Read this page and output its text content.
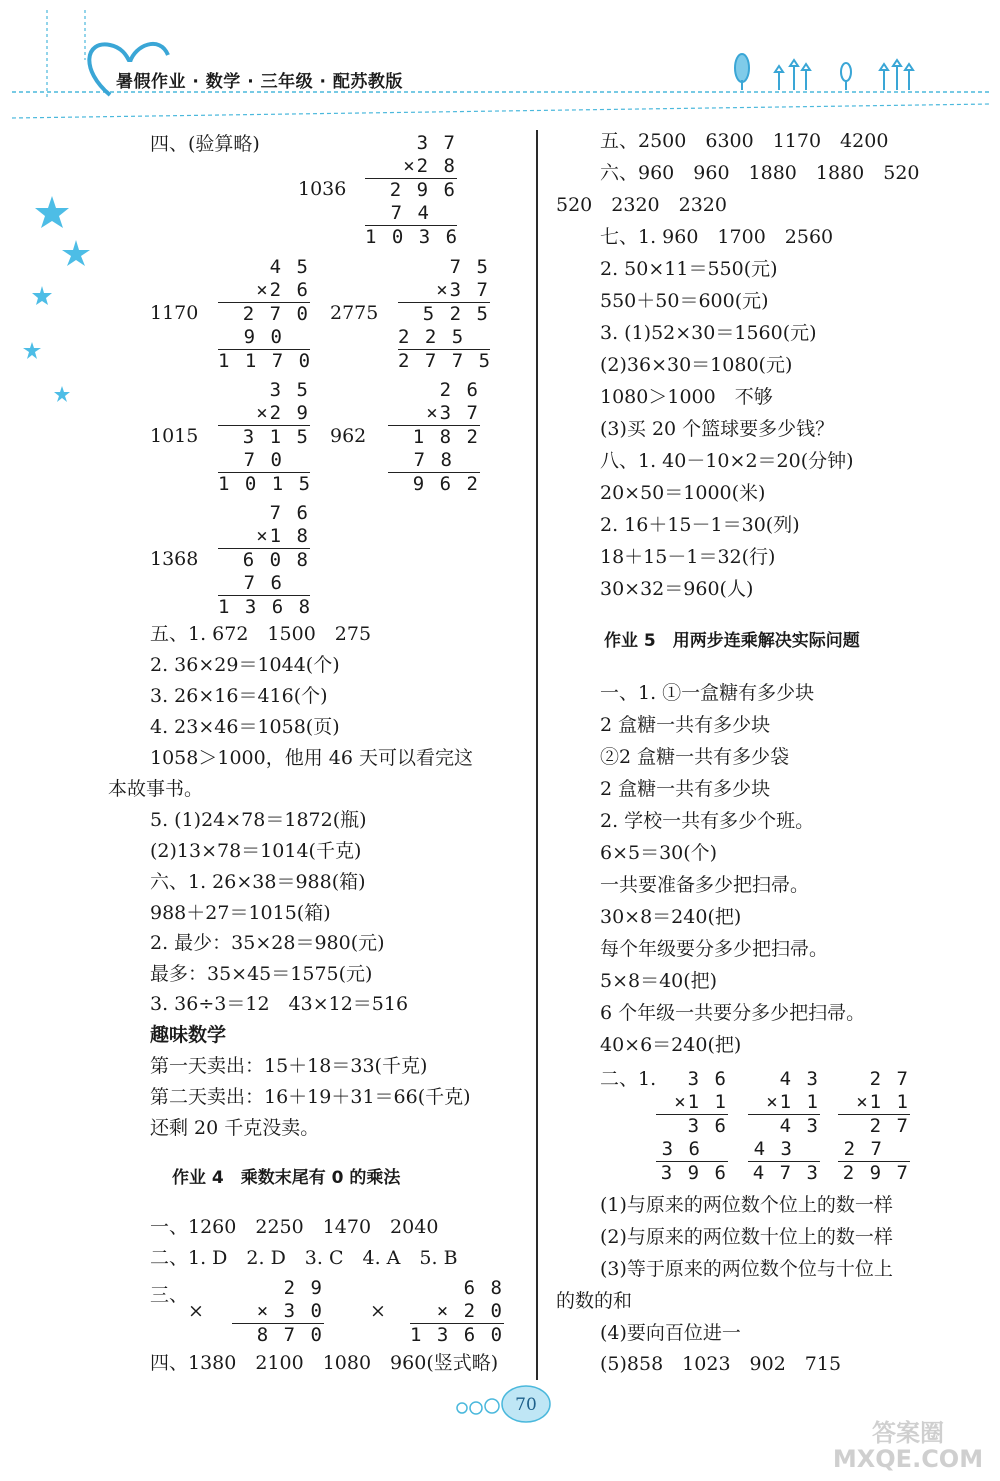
暑假作业 · 数学 · 三年级 · 配苏教版
四、(验算略)
1036
3 7
×2 8
2 9 6
7 4
1 0 3 6
1170
4 5
×2 6
2 7 0
9 0
1 1 7 0
2775
7 5
×3 7
5 2 5
2 2 5
2 7 7 5
1015
3 5
×2 9
3 1 5
7 0
1 0 1 5
962
2 6
×3 7
1 8 2
7 8
9 6 2
1368
7 6
×1 8
6 0 8
7 6
1 3 6 8
五、1. 672　1500　275
2. 36×29＝1044(个)
3. 26×16＝416(个)
4. 23×46＝1058(页)
1058＞1000，他用 46 天可以看完这
本故事书。
5. (1)24×78＝1872(瓶)
(2)13×78＝1014(千克)
六、1. 26×38＝988(箱)
988＋27＝1015(箱)
2. 最少：35×28＝980(元)
最多：35×45＝1575(元)
3. 36÷3＝12　43×12＝516
趣味数学
第一天卖出：15＋18＝33(千克)
第二天卖出：16＋19＋31＝66(千克)
还剩 20 千克没卖。
作业 4　乘数末尾有 0 的乘法
一、1260　2250　1470　2040
二、1. D　2. D　3. C　4. A　5. B
三、
×
2 9
× 3 0
8 7 0
×
6 8
× 2 0
1 3 6 0
四、1380　2100　1080　960(竖式略)
五、2500　6300　1170　4200
六、960　960　1880　1880　520
520　2320　2320
七、1. 960　1700　2560
2. 50×11＝550(元)
550＋50＝600(元)
3. (1)52×30＝1560(元)
(2)36×30＝1080(元)
1080＞1000　不够
(3)买 20 个篮球要多少钱？
八、1. 40－10×2＝20(分钟)
20×50＝1000(米)
2. 16＋15－1＝30(列)
18＋15－1＝32(行)
30×32＝960(人)
作业 5　用两步连乘解决实际问题
一、1. ①一盒糖有多少块
2 盒糖一共有多少块
②2 盒糖一共有多少袋
2 盒糖一共有多少块
2. 学校一共有多少个班。
6×5＝30(个)
一共要准备多少把扫帚。
30×8＝240(把)
每个年级要分多少把扫帚。
5×8＝40(把)
6 个年级一共要分多少把扫帚。
40×6＝240(把)
二、1.	3 6
×1 1
3 6
3 6
3 9 6
4 3
×1 1
4 3
4 3
4 7 3
2 7
×1 1
2 7
2 7
2 9 7
(1)与原来的两位数个位上的数一样
(2)与原来的两位数十位上的数一样
(3)等于原来的两位数个位与十位上
的数的和
(4)要向百位进一
(5)858　1023　902　715
70
答案圈 MXQE.COM
